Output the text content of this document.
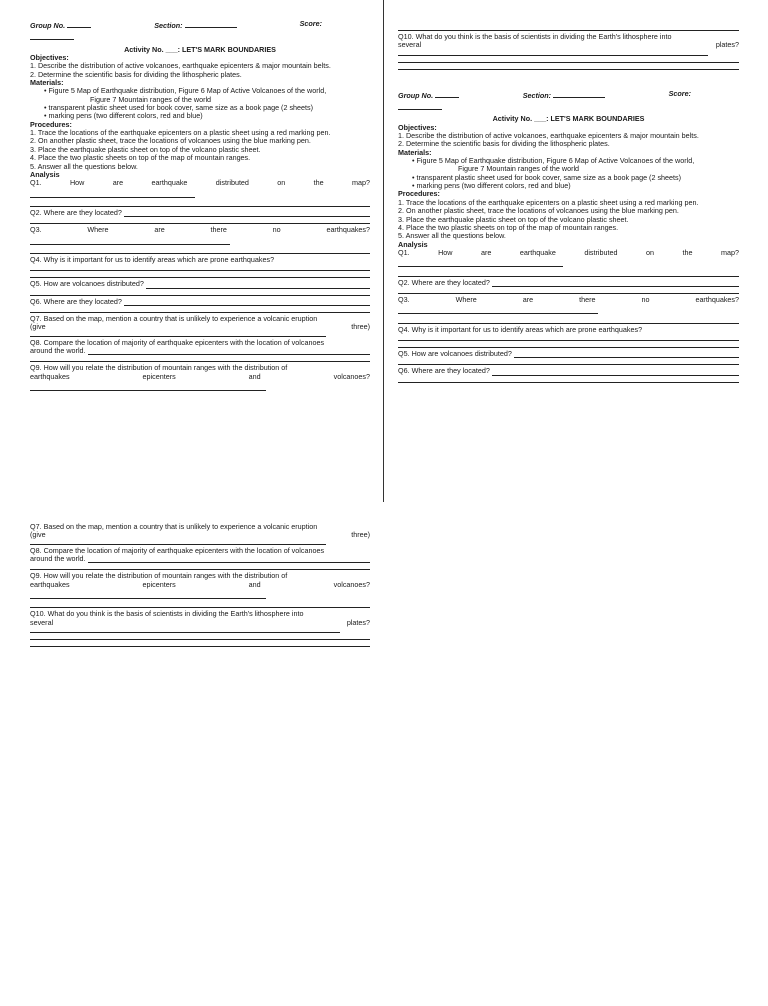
Group No.	Section:	Score:
Activity No. ___: LET'S MARK BOUNDARIES
Objectives:
1. Describe the distribution of active volcanoes, earthquake epicenters & major mountain belts.
2. Determine the scientific basis for dividing the lithospheric plates.
Materials:
• Figure 5 Map of Earthquake distribution, Figure 6 Map of Active Volcanoes of the world,
Figure 7 Mountain ranges of the world
• transparent plastic sheet used for book cover, same size as a book page (2 sheets)
• marking pens (two different colors, red and blue)
Procedures:
1. Trace the locations of the earthquake epicenters on a plastic sheet using a red marking pen.
2. On another plastic sheet, trace the locations of volcanoes using the blue marking pen.
3. Place the earthquake plastic sheet on top of the volcano plastic sheet.
4. Place the two plastic sheets on top of the map of mountain ranges.
5. Answer all the questions below.
Analysis
Q1. How are earthquake distributed on the map?
Q2. Where are they located?
Q3. Where are there no earthquakes?
Q4. Why is it important for us to identify areas which are prone earthquakes?
Q5. How are volcanoes distributed?
Q6. Where are they located?
Q7. Based on the map, mention a country that is unlikely to experience a volcanic eruption
(give	three)
Q8. Compare the location of majority of earthquake epicenters with the location of volcanoes
around the world.
Q9. How will you relate the distribution of mountain ranges with the distribution of
earthquakes epicenters and volcanoes?
Q10. What do you think is the basis of scientists in dividing the Earth's lithosphere into
several	plates?
Group No.	Section:	Score:
Activity No. ___: LET'S MARK BOUNDARIES
Objectives:
1. Describe the distribution of active volcanoes, earthquake epicenters & major mountain belts.
2. Determine the scientific basis for dividing the lithospheric plates.
Materials:
• Figure 5 Map of Earthquake distribution, Figure 6 Map of Active Volcanoes of the world,
Figure 7 Mountain ranges of the world
• transparent plastic sheet used for book cover, same size as a book page (2 sheets)
• marking pens (two different colors, red and blue)
Procedures:
1. Trace the locations of the earthquake epicenters on a plastic sheet using a red marking pen.
2. On another plastic sheet, trace the locations of volcanoes using the blue marking pen.
3. Place the earthquake plastic sheet on top of the volcano plastic sheet.
4. Place the two plastic sheets on top of the map of mountain ranges.
5. Answer all the questions below.
Analysis
Q1. How are earthquake distributed on the map?
Q2. Where are they located?
Q3. Where are there no earthquakes?
Q4. Why is it important for us to identify areas which are prone earthquakes?
Q5. How are volcanoes distributed?
Q6. Where are they located?
Q7. Based on the map, mention a country that is unlikely to experience a volcanic eruption
(give	three)
Q8. Compare the location of majority of earthquake epicenters with the location of volcanoes
around the world.
Q9. How will you relate the distribution of mountain ranges with the distribution of
earthquakes epicenters and volcanoes?
Q10. What do you think is the basis of scientists in dividing the Earth's lithosphere into
several	plates?
